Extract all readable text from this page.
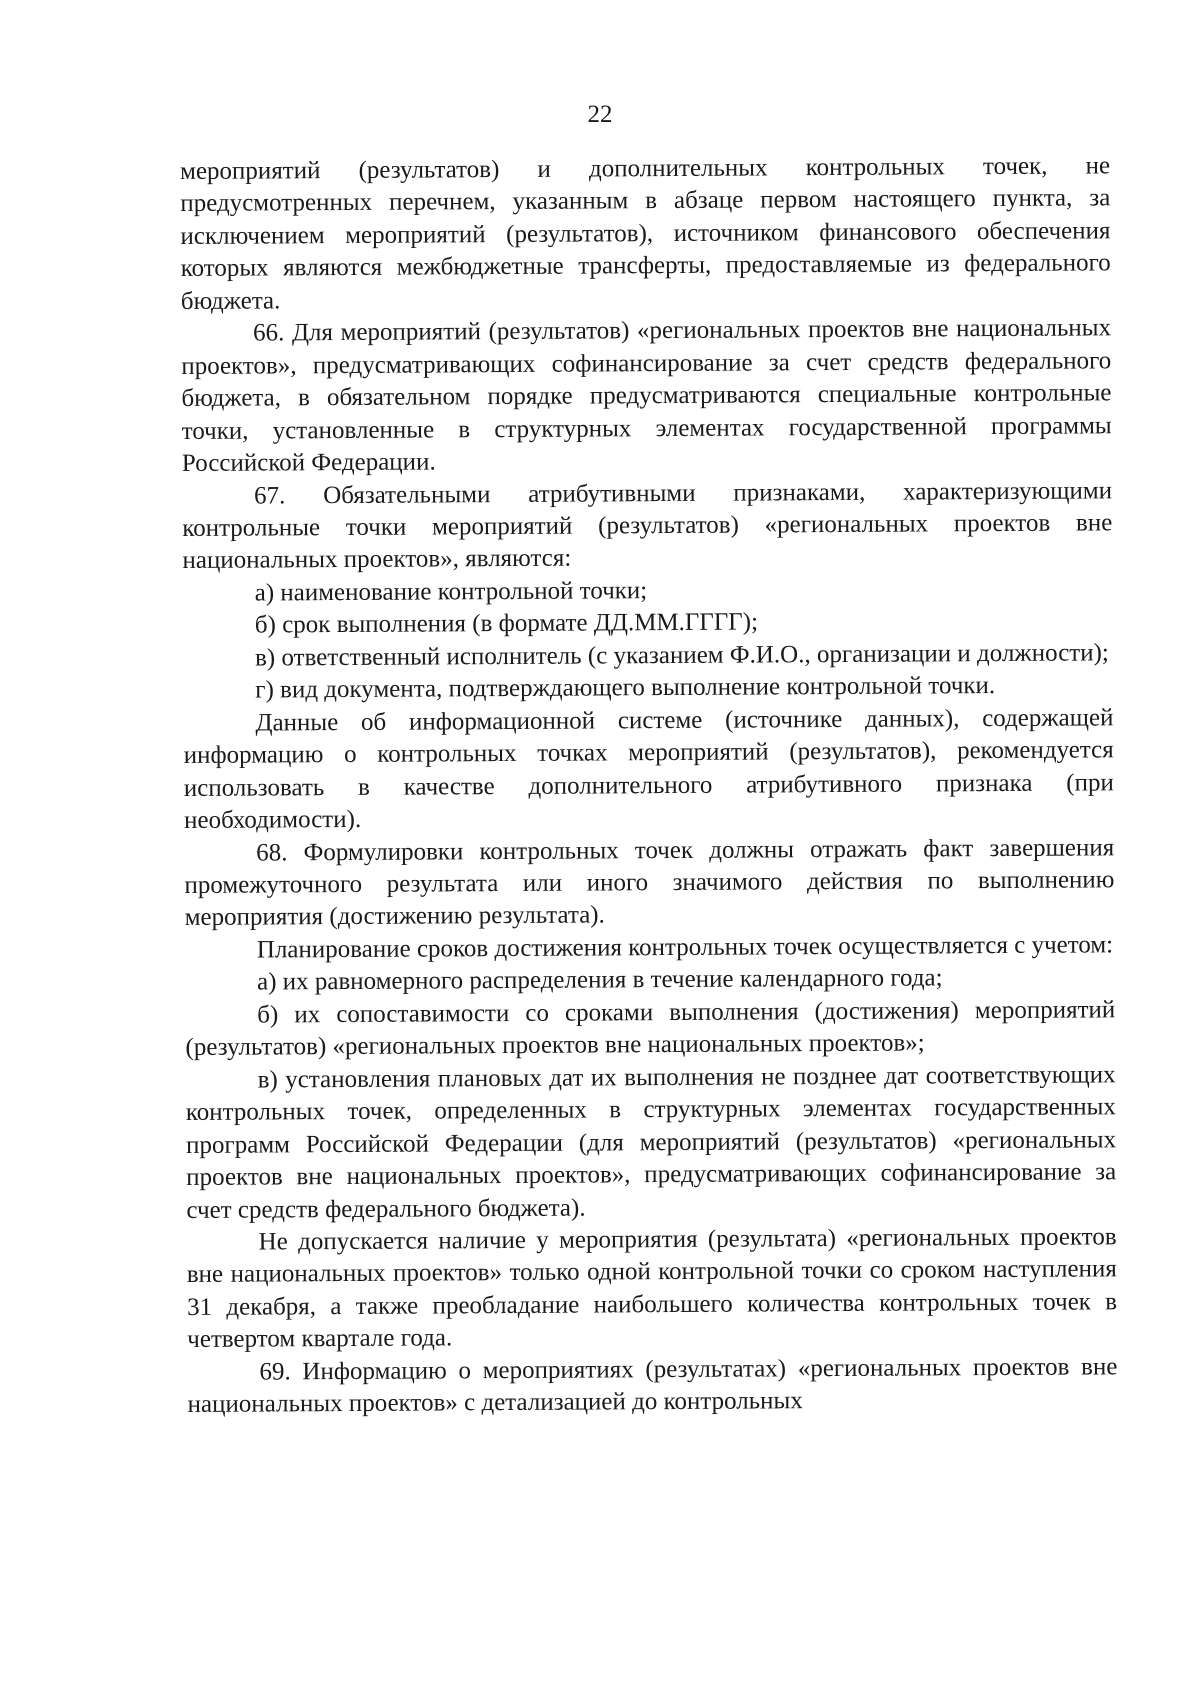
22

мероприятий (результатов) и дополнительных контрольных точек, не предусмотренных перечнем, указанным в абзаце первом настоящего пункта, за исключением мероприятий (результатов), источником финансового обеспечения которых являются межбюджетные трансферты, предоставляемые из федерального бюджета.

66. Для мероприятий (результатов) «региональных проектов вне национальных проектов», предусматривающих софинансирование за счет средств федерального бюджета, в обязательном порядке предусматриваются специальные контрольные точки, установленные в структурных элементах государственной программы Российской Федерации.

67. Обязательными атрибутивными признаками, характеризующими контрольные точки мероприятий (результатов) «региональных проектов вне национальных проектов», являются:

а) наименование контрольной точки;

б) срок выполнения (в формате ДД.ММ.ГГГГ);

в) ответственный исполнитель (с указанием Ф.И.О., организации и должности);

г) вид документа, подтверждающего выполнение контрольной точки.

Данные об информационной системе (источнике данных), содержащей информацию о контрольных точках мероприятий (результатов), рекомендуется использовать в качестве дополнительного атрибутивного признака (при необходимости).

68. Формулировки контрольных точек должны отражать факт завершения промежуточного результата или иного значимого действия по выполнению мероприятия (достижению результата).

Планирование сроков достижения контрольных точек осуществляется с учетом:

а) их равномерного распределения в течение календарного года;

б) их сопоставимости со сроками выполнения (достижения) мероприятий (результатов) «региональных проектов вне национальных проектов»;

в) установления плановых дат их выполнения не позднее дат соответствующих контрольных точек, определенных в структурных элементах государственных программ Российской Федерации (для мероприятий (результатов) «региональных проектов вне национальных проектов», предусматривающих софинансирование за счет средств федерального бюджета).

Не допускается наличие у мероприятия (результата) «региональных проектов вне национальных проектов» только одной контрольной точки со сроком наступления 31 декабря, а также преобладание наибольшего количества контрольных точек в четвертом квартале года.

69. Информацию о мероприятиях (результатах) «региональных проектов вне национальных проектов» с детализацией до контрольных
